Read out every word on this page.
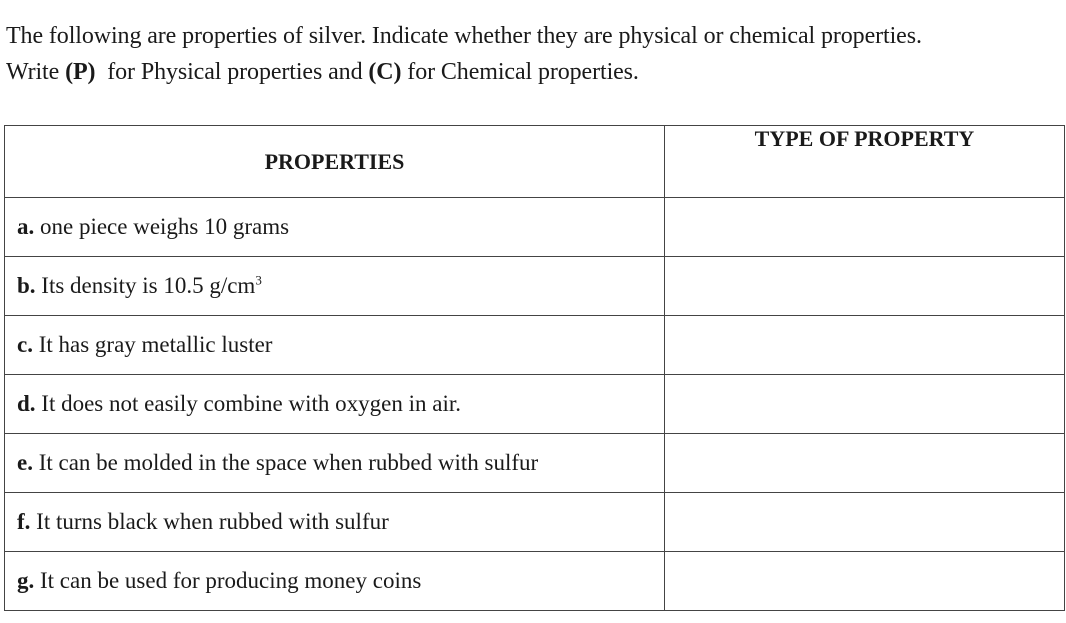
The following are properties of silver. Indicate whether they are physical or chemical properties.
Write (P)  for Physical properties and (C) for Chemical properties.
PROPERTIES	TYPE OF PROPERTY
a. one piece weighs 10 grams	
b. Its density is 10.5 $g/cm^3$	
c. It has gray metallic luster	
d. It does not easily combine with oxygen in air.	
e. It can be molded in the space when rubbed with sulfur	
f. It turns black when rubbed with sulfur	
g. It can be used for producing money coins	
